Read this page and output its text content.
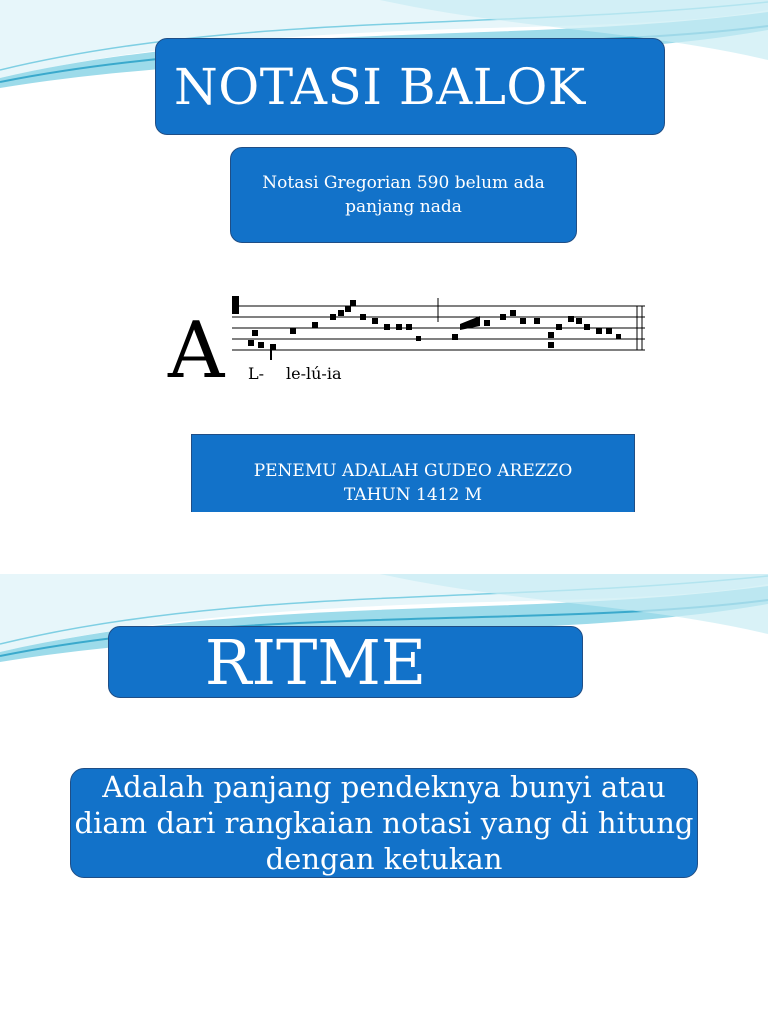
NOTASI BALOK
Notasi Gregorian 590 belum ada panjang nada
A L- le-lú-ia
PENEMU ADALAH GUDEO AREZZO
TAHUN 1412 M
RITME
Adalah panjang pendeknya bunyi atau diam dari rangkaian notasi yang di hitung dengan ketukan
